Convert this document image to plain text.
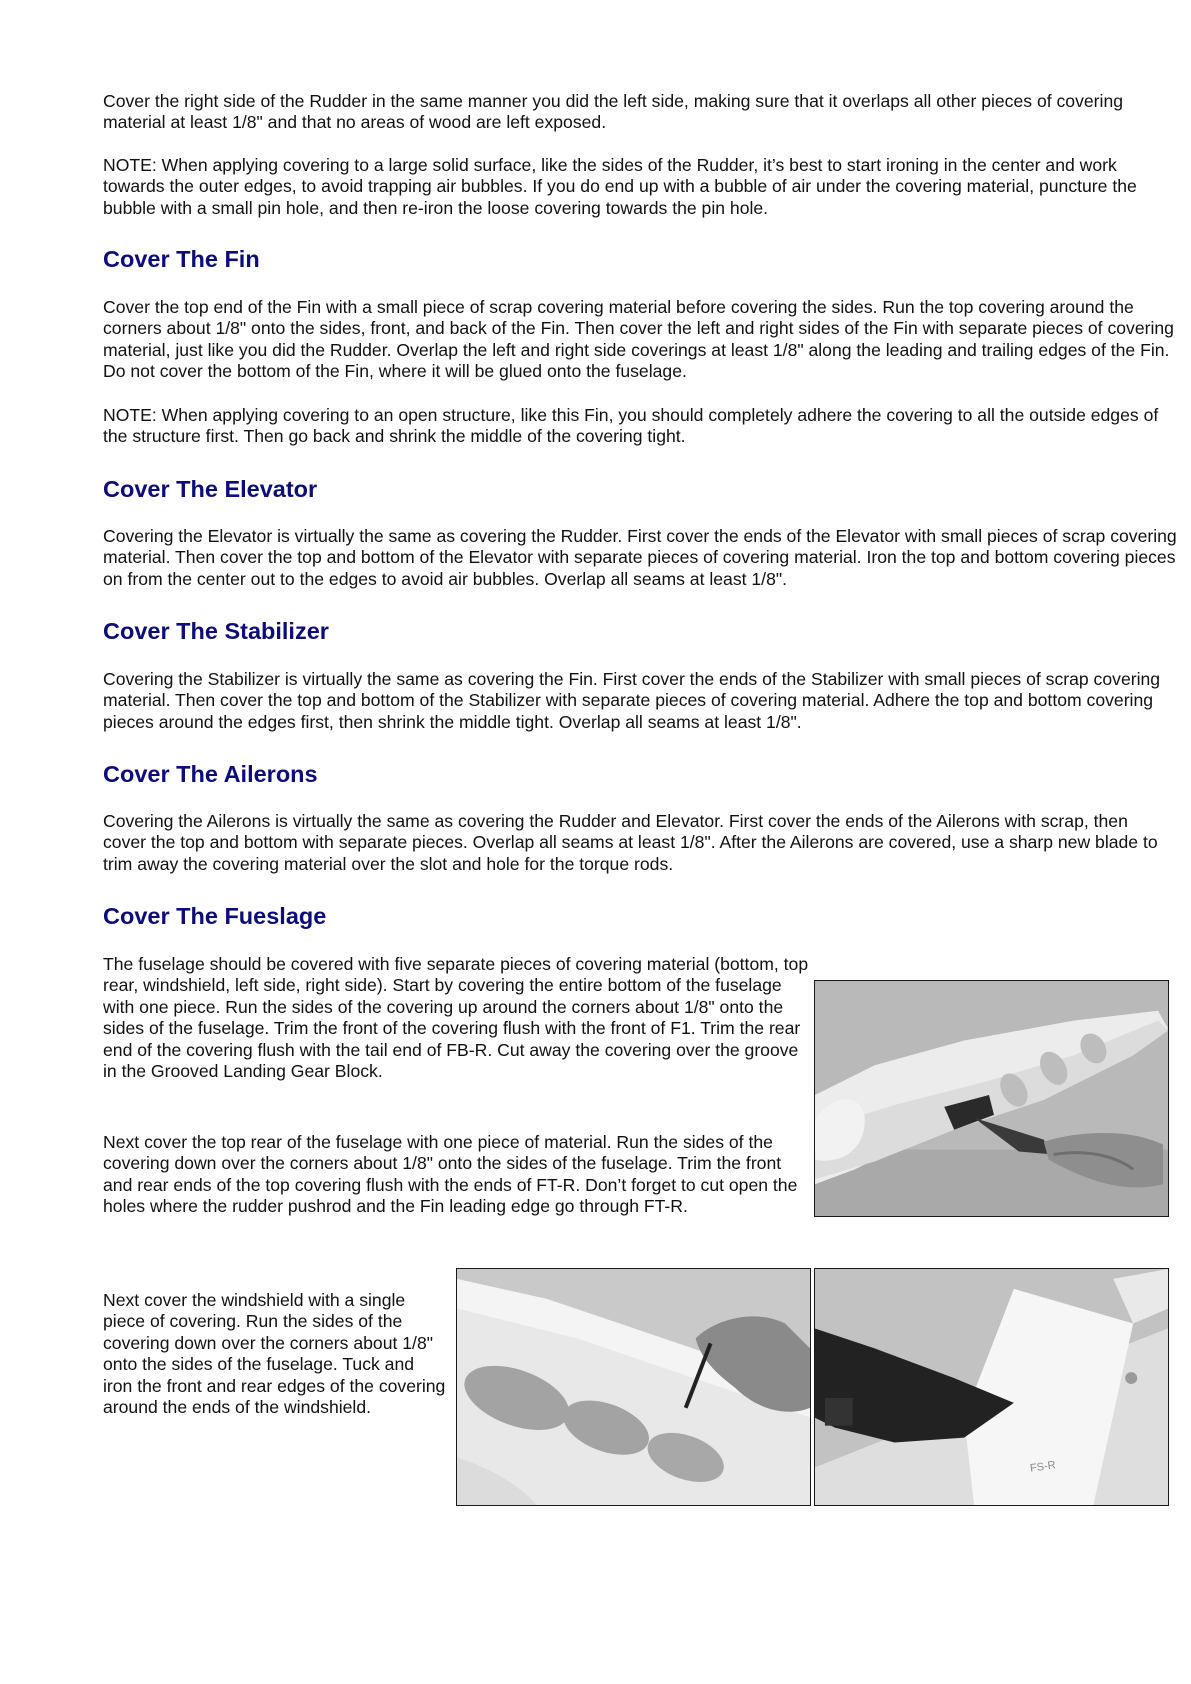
Cover the right side of the Rudder in the same manner you did the left side, making sure that it overlaps all other pieces of covering material at least 1/8" and that no areas of wood are left exposed.

NOTE: When applying covering to a large solid surface, like the sides of the Rudder, it’s best to start ironing in the center and work towards the outer edges, to avoid trapping air bubbles. If you do end up with a bubble of air under the covering material, puncture the bubble with a small pin hole, and then re-iron the loose covering towards the pin hole.

Cover The Fin

Cover the top end of the Fin with a small piece of scrap covering material before covering the sides. Run the top covering around the corners about 1/8" onto the sides, front, and back of the Fin. Then cover the left and right sides of the Fin with separate pieces of covering material, just like you did the Rudder. Overlap the left and right side coverings at least 1/8" along the leading and trailing edges of the Fin. Do not cover the bottom of the Fin, where it will be glued onto the fuselage.

NOTE: When applying covering to an open structure, like this Fin, you should completely adhere the covering to all the outside edges of the structure first. Then go back and shrink the middle of the covering tight.

Cover The Elevator

Covering the Elevator is virtually the same as covering the Rudder. First cover the ends of the Elevator with small pieces of scrap covering material. Then cover the top and bottom of the Elevator with separate pieces of covering material. Iron the top and bottom covering pieces on from the center out to the edges to avoid air bubbles. Overlap all seams at least 1/8".

Cover The Stabilizer

Covering the Stabilizer is virtually the same as covering the Fin. First cover the ends of the Stabilizer with small pieces of scrap covering material. Then cover the top and bottom of the Stabilizer with separate pieces of covering material. Adhere the top and bottom covering pieces around the edges first, then shrink the middle tight. Overlap all seams at least 1/8".

Cover The Ailerons

Covering the Ailerons is virtually the same as covering the Rudder and Elevator. First cover the ends of the Ailerons with scrap, then cover the top and bottom with separate pieces. Overlap all seams at least 1/8". After the Ailerons are covered, use a sharp new blade to trim away the covering material over the slot and hole for the torque rods.

Cover The Fueslage

The fuselage should be covered with five separate pieces of covering material (bottom, top rear, windshield, left side, right side). Start by covering the entire bottom of the fuselage with one piece. Run the sides of the covering up around the corners about 1/8" onto the sides of the fuselage. Trim the front of the covering flush with the front of F1. Trim the rear end of the covering flush with the tail end of FB-R. Cut away the covering over the groove in the Grooved Landing Gear Block.

Next cover the top rear of the fuselage with one piece of material. Run the sides of the covering down over the corners about 1/8" onto the sides of the fuselage. Trim the front and rear ends of the top covering flush with the ends of FT-R. Don’t forget to cut open the holes where the rudder pushrod and the Fin leading edge go through FT-R.

Next cover the windshield with a single piece of covering. Run the sides of the covering down over the corners about 1/8" onto the sides of the fuselage. Tuck and iron the front and rear edges of the covering around the ends of the windshield.

FS-R
